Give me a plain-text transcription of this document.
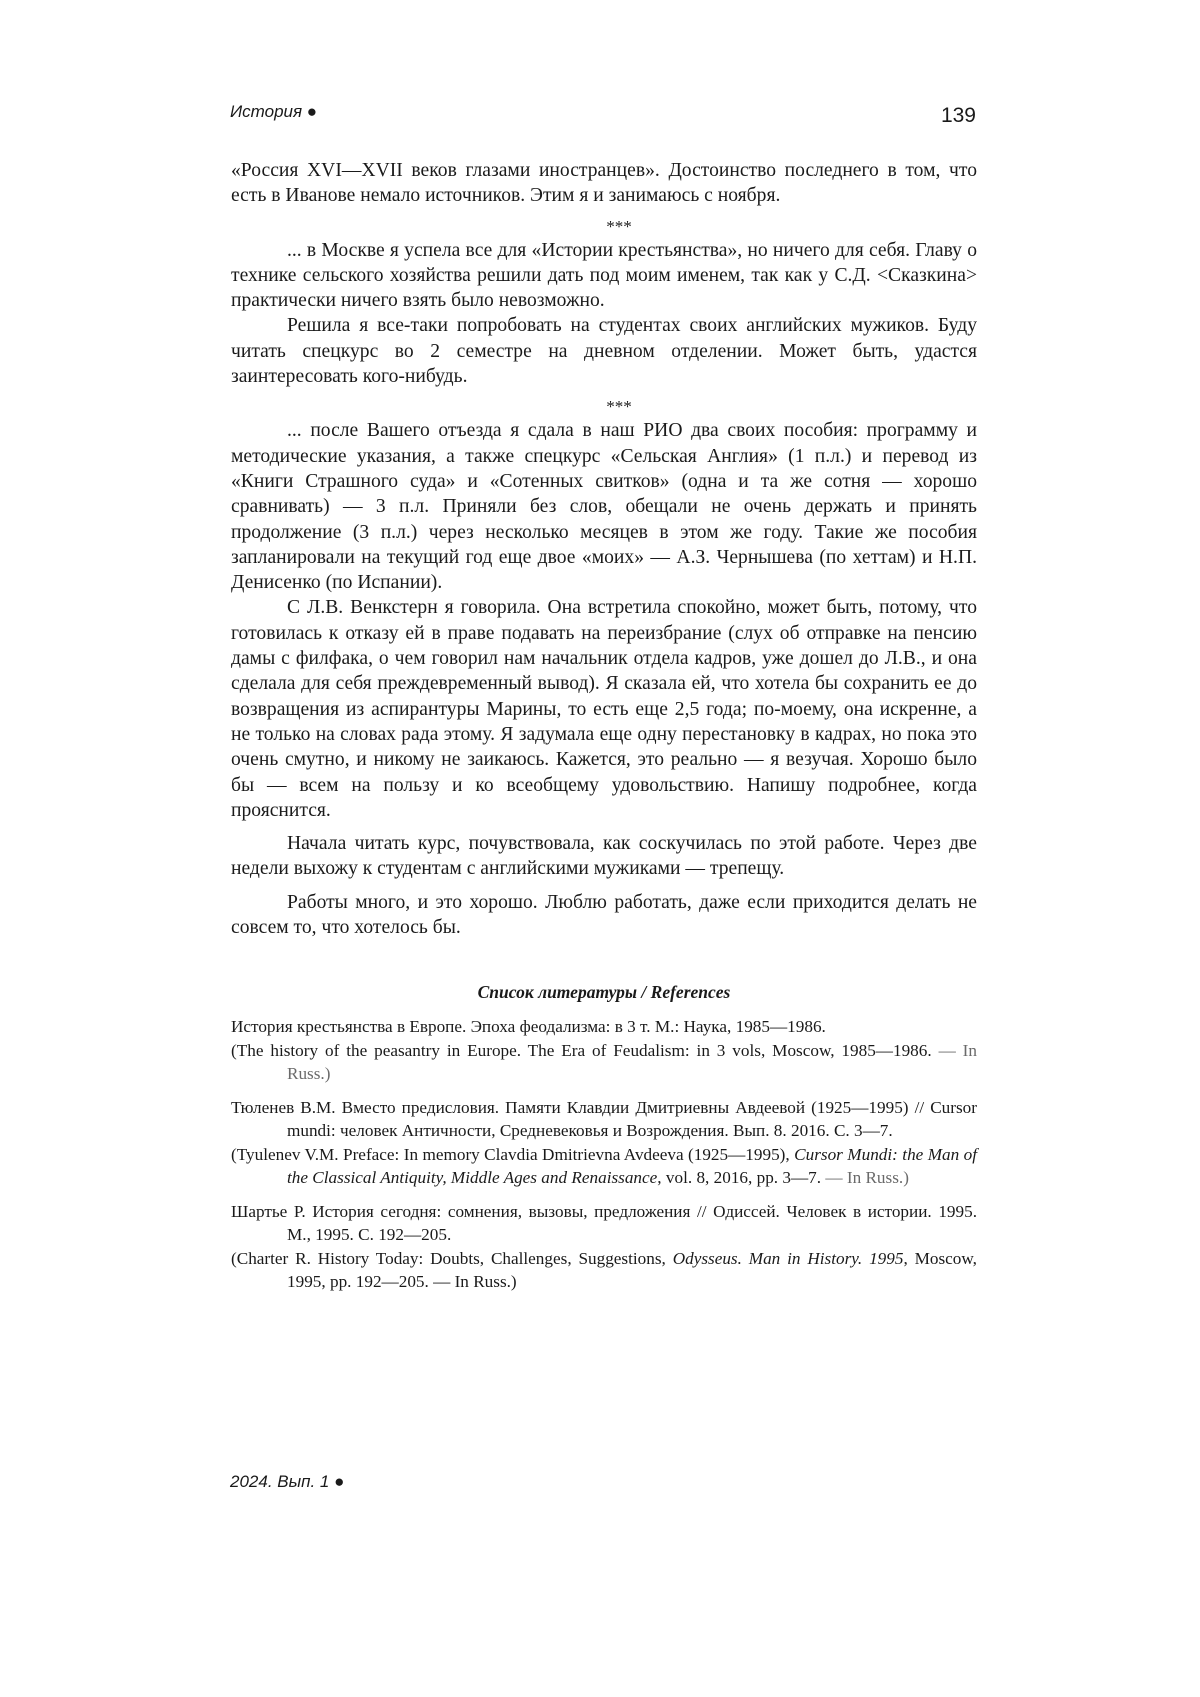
История ●	139

«Россия XVI—XVII веков глазами иностранцев». Достоинство последнего в том, что есть в Иванове немало источников. Этим я и занимаюсь с ноября.

***

... в Москве я успела все для «Истории крестьянства», но ничего для себя. Главу о технике сельского хозяйства решили дать под моим именем, так как у С.Д. <Сказкина> практически ничего взять было невозможно.

Решила я все-таки попробовать на студентах своих английских мужиков. Буду читать спецкурс во 2 семестре на дневном отделении. Может быть, удастся заинтересовать кого-нибудь.

***

... после Вашего отъезда я сдала в наш РИО два своих пособия: программу и методические указания, а также спецкурс «Сельская Англия» (1 п.л.) и перевод из «Книги Страшного суда» и «Сотенных свитков» (одна и та же сотня — хорошо сравнивать) — 3 п.л. Приняли без слов, обещали не очень держать и принять продолжение (3 п.л.) через несколько месяцев в этом же году. Такие же пособия запланировали на текущий год еще двое «моих» — А.З. Чернышева (по хеттам) и Н.П. Денисенко (по Испании).

С Л.В. Венкстерн я говорила. Она встретила спокойно, может быть, потому, что готовилась к отказу ей в праве подавать на переизбрание (слух об отправке на пенсию дамы с филфака, о чем говорил нам начальник отдела кадров, уже дошел до Л.В., и она сделала для себя преждевременный вывод). Я сказала ей, что хотела бы сохранить ее до возвращения из аспирантуры Марины, то есть еще 2,5 года; по-моему, она искренне, а не только на словах рада этому. Я задумала еще одну перестановку в кадрах, но пока это очень смутно, и никому не заикаюсь. Кажется, это реально — я везучая. Хорошо было бы — всем на пользу и ко всеобщему удовольствию. Напишу подробнее, когда прояснится.

Начала читать курс, почувствовала, как соскучилась по этой работе. Через две недели выхожу к студентам с английскими мужиками — трепещу.

Работы много, и это хорошо. Люблю работать, даже если приходится делать не совсем то, что хотелось бы.

Список литературы / References

История крестьянства в Европе. Эпоха феодализма: в 3 т. М.: Наука, 1985—1986.

(The history of the peasantry in Europe. The Era of Feudalism: in 3 vols, Moscow, 1985—1986. — In Russ.)

Тюленев В.М. Вместо предисловия. Памяти Клавдии Дмитриевны Авдеевой (1925—1995) // Cursor mundi: человек Античности, Средневековья и Возрождения. Вып. 8. 2016. С. 3—7.

(Tyulenev V.M. Preface: In memory Clavdia Dmitrievna Avdeeva (1925—1995), Cursor Mundi: the Man of the Classical Antiquity, Middle Ages and Renaissance, vol. 8, 2016, pp. 3—7. — In Russ.)

Шартье Р. История сегодня: сомнения, вызовы, предложения // Одиссей. Человек в истории. 1995. М., 1995. С. 192—205.

(Charter R. History Today: Doubts, Challenges, Suggestions, Odysseus. Man in History. 1995, Moscow, 1995, pp. 192—205. — In Russ.)

2024. Вып. 1 ●
